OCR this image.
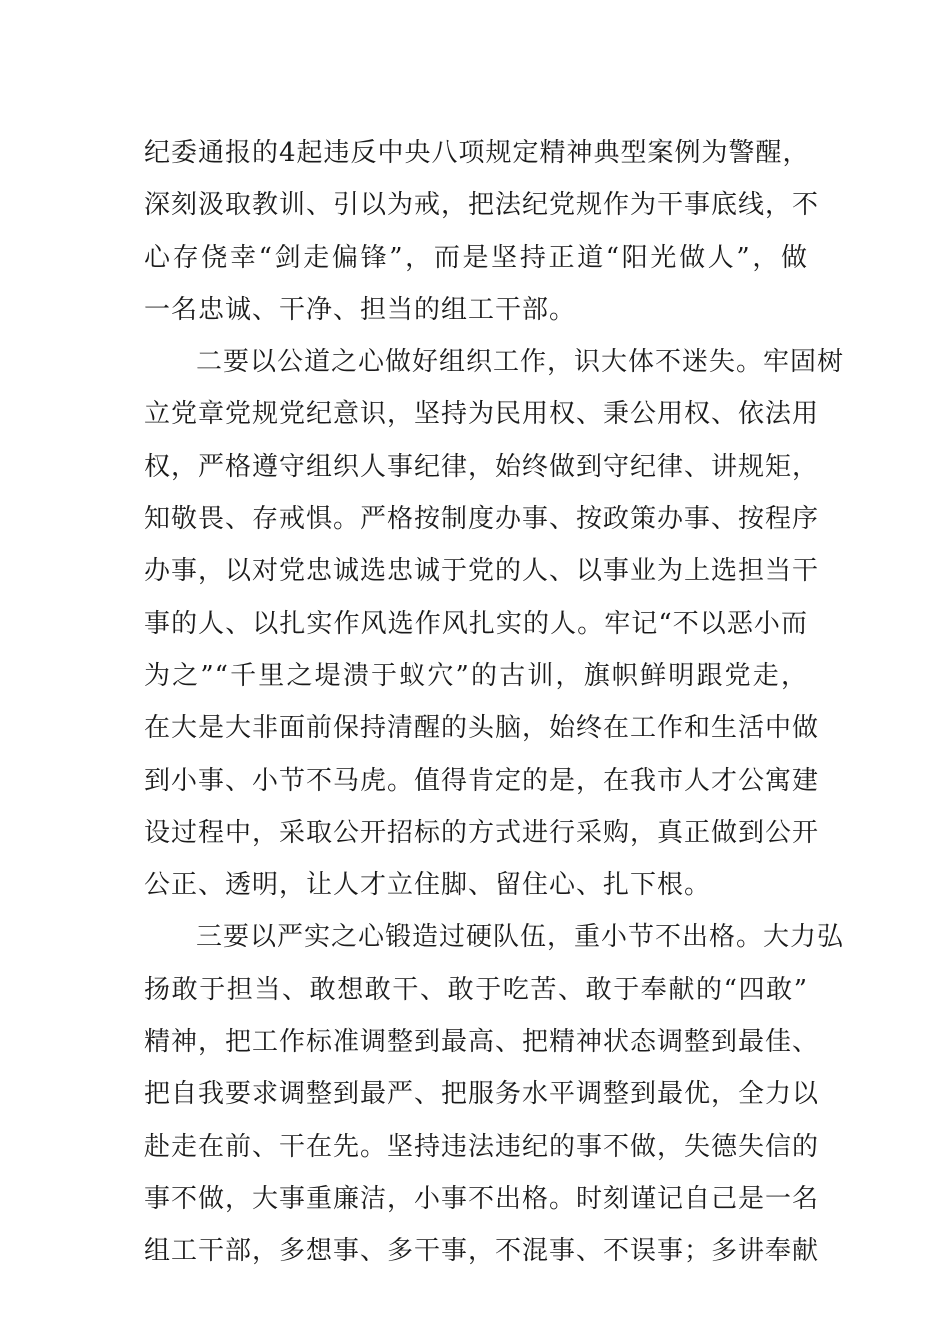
纪委通报的4起违反中央八项规定精神典型案例为警醒，
深刻汲取教训、引以为戒，把法纪党规作为干事底线，不
心存侥幸“剑走偏锋”，而是坚持正道“阳光做人”，做
一名忠诚、干净、担当的组工干部。
二要以公道之心做好组织工作，识大体不迷失。牢固树
立党章党规党纪意识，坚持为民用权、秉公用权、依法用
权，严格遵守组织人事纪律，始终做到守纪律、讲规矩，
知敬畏、存戒惧。严格按制度办事、按政策办事、按程序
办事，以对党忠诚选忠诚于党的人、以事业为上选担当干
事的人、以扎实作风选作风扎实的人。牢记“不以恶小而
为之”“千里之堤溃于蚁穴”的古训，旗帜鲜明跟党走，
在大是大非面前保持清醒的头脑，始终在工作和生活中做
到小事、小节不马虎。值得肯定的是，在我市人才公寓建
设过程中，采取公开招标的方式进行采购，真正做到公开
公正、透明，让人才立住脚、留住心、扎下根。
三要以严实之心锻造过硬队伍，重小节不出格。大力弘
扬敢于担当、敢想敢干、敢于吃苦、敢于奉献的“四敢”
精神，把工作标准调整到最高、把精神状态调整到最佳、
把自我要求调整到最严、把服务水平调整到最优，全力以
赴走在前、干在先。坚持违法违纪的事不做，失德失信的
事不做，大事重廉洁，小事不出格。时刻谨记自己是一名
组工干部，多想事、多干事，不混事、不误事；多讲奉献
